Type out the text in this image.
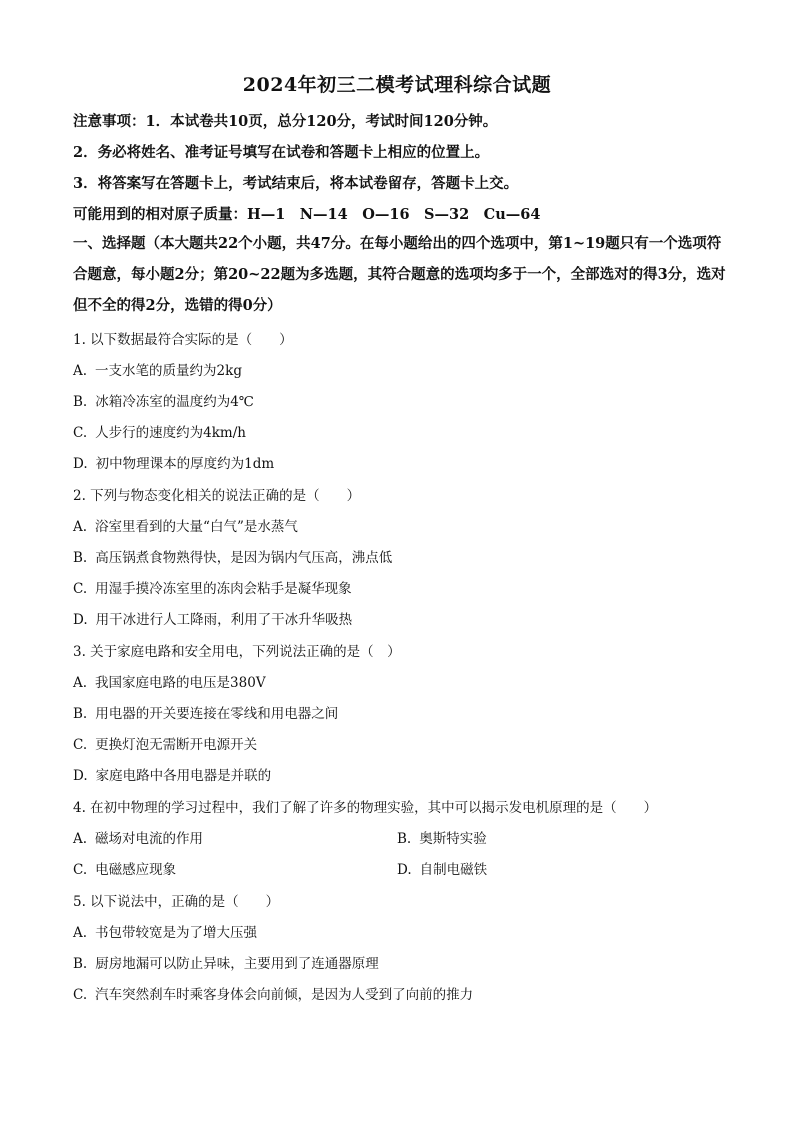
2024年初三二模考试理科综合试题
注意事项：1．本试卷共10页，总分120分，考试时间120分钟。
2．务必将姓名、准考证号填写在试卷和答题卡上相应的位置上。
3．将答案写在答题卡上，考试结束后，将本试卷留存，答题卡上交。
可能用到的相对原子质量：H—1　N—14　O—16　S—32　Cu—64
一、选择题（本大题共22个小题，共47分。在每小题给出的四个选项中，第1~19题只有一个选项符合题意，每小题2分；第20~22题为多选题，其符合题意的选项均多于一个，全部选对的得3分，选对但不全的得2分，选错的得0分）
1. 以下数据最符合实际的是（　　）
A. 一支水笔的质量约为2kg
B. 冰箱冷冻室的温度约为4℃
C. 人步行的速度约为4km/h
D. 初中物理课本的厚度约为1dm
2. 下列与物态变化相关的说法正确的是（　　）
A. 浴室里看到的大量“白气”是水蒸气
B. 高压锅煮食物熟得快，是因为锅内气压高，沸点低
C. 用湿手摸冷冻室里的冻肉会粘手是凝华现象
D. 用干冰进行人工降雨，利用了干冰升华吸热
3. 关于家庭电路和安全用电，下列说法正确的是（　）
A. 我国家庭电路的电压是380V
B. 用电器的开关要连接在零线和用电器之间
C. 更换灯泡无需断开电源开关
D. 家庭电路中各用电器是并联的
4. 在初中物理的学习过程中，我们了解了许多的物理实验，其中可以揭示发电机原理的是（　　）
A. 磁场对电流的作用	B. 奥斯特实验
C. 电磁感应现象	D. 自制电磁铁
5. 以下说法中，正确的是（　　）
A. 书包带较宽是为了增大压强
B. 厨房地漏可以防止异味，主要用到了连通器原理
C. 汽车突然刹车时乘客身体会向前倾，是因为人受到了向前的推力
